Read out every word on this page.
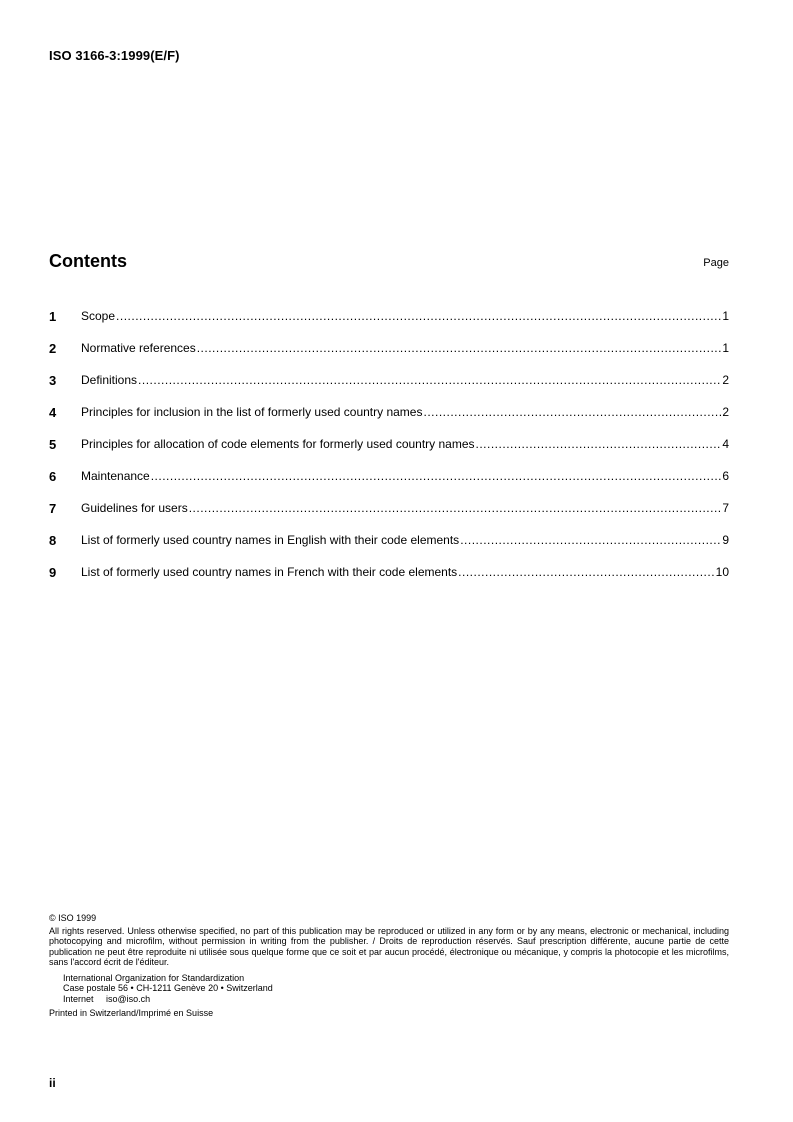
ISO 3166-3:1999(E/F)
Contents	Page
1	Scope .....	1
2	Normative references .....	1
3	Definitions .....	2
4	Principles for inclusion in the list of formerly used country names .....	2
5	Principles for allocation of code elements for formerly used country names .....	4
6	Maintenance .....	6
7	Guidelines for users .....	7
8	List of formerly used country names in English with their code elements .....	9
9	List of formerly used country names in French with their code elements .....	10
© ISO 1999
All rights reserved. Unless otherwise specified, no part of this publication may be reproduced or utilized in any form or by any means, electronic or mechanical, including photocopying and microfilm, without permission in writing from the publisher. / Droits de reproduction réservés. Sauf prescription différente, aucune partie de cette publication ne peut être reproduite ni utilisée sous quelque forme que ce soit et par aucun procédé, électronique ou mécanique, y compris la photocopie et les microfilms, sans l'accord écrit de l'éditeur.
International Organization for Standardization
Case postale 56 • CH-1211 Genève 20 • Switzerland
Internet     iso@iso.ch
Printed in Switzerland/Imprimé en Suisse
ii
